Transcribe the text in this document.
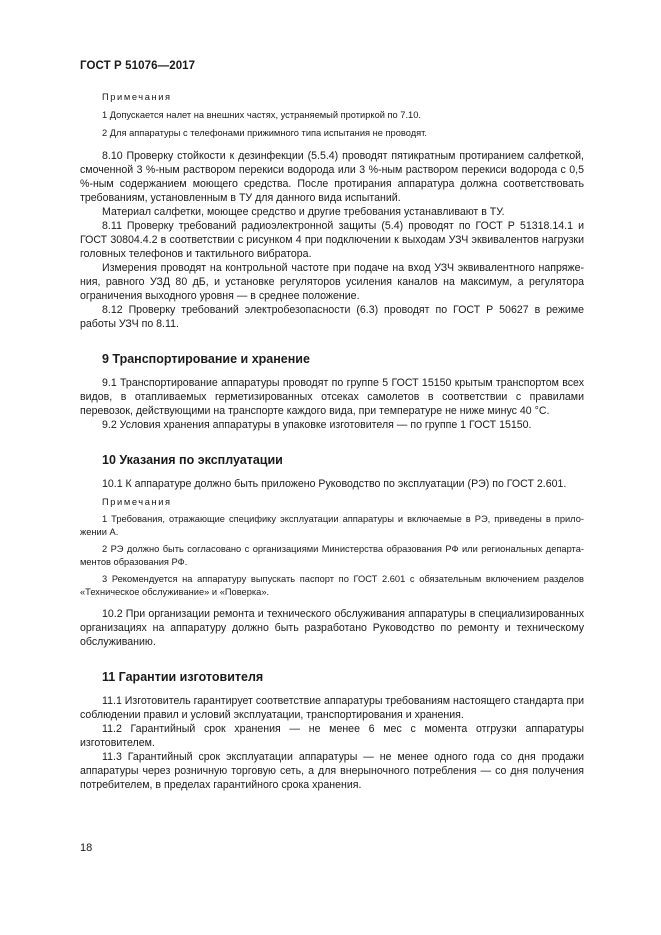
ГОСТ Р 51076—2017

Примечания

1 Допускается налет на внешних частях, устраняемый протиркой по 7.10.

2 Для аппаратуры с телефонами прижимного типа испытания не проводят.

8.10 Проверку стойкости к дезинфекции (5.5.4) проводят пятикратным протиранием салфеткой, смоченной 3 %-ным раствором перекиси водорода или 3 %-ным раствором перекиси водорода с 0,5 %-ным содержанием моющего средства. После протирания аппаратура должна соответствовать требованиям, установленным в ТУ для данного вида испытаний.

Материал салфетки, моющее средство и другие требования устанавливают в ТУ.

8.11 Проверку требований радиоэлектронной защиты (5.4) проводят по ГОСТ Р 51318.14.1 и ГОСТ 30804.4.2 в соответствии с рисунком 4 при подключении к выходам УЗЧ эквивалентов нагрузки головных телефонов и тактильного вибратора.

Измерения проводят на контрольной частоте при подаче на вход УЗЧ эквивалентного напряжения, равного УЗД 80 дБ, и установке регуляторов усиления каналов на максимум, а регулятора ограничения выходного уровня — в среднее положение.

8.12 Проверку требований электробезопасности (6.3) проводят по ГОСТ Р 50627 в режиме работы УЗЧ по 8.11.

9 Транспортирование и хранение

9.1 Транспортирование аппаратуры проводят по группе 5 ГОСТ 15150 крытым транспортом всех видов, в отапливаемых герметизированных отсеках самолетов в соответствии с правилами перевозок, действующими на транспорте каждого вида, при температуре не ниже минус 40 °С.

9.2 Условия хранения аппаратуры в упаковке изготовителя — по группе 1 ГОСТ 15150.

10 Указания по эксплуатации

10.1 К аппаратуре должно быть приложено Руководство по эксплуатации (РЭ) по ГОСТ 2.601.

Примечания

1 Требования, отражающие специфику эксплуатации аппаратуры и включаемые в РЭ, приведены в приложении А.

2 РЭ должно быть согласовано с организациями Министерства образования РФ или региональных департаментов образования РФ.

3 Рекомендуется на аппаратуру выпускать паспорт по ГОСТ 2.601 с обязательным включением разделов «Техническое обслуживание» и «Поверка».

10.2 При организации ремонта и технического обслуживания аппаратуры в специализированных организациях на аппаратуру должно быть разработано Руководство по ремонту и техническому обслуживанию.

11 Гарантии изготовителя

11.1 Изготовитель гарантирует соответствие аппаратуры требованиям настоящего стандарта при соблюдении правил и условий эксплуатации, транспортирования и хранения.

11.2 Гарантийный срок хранения — не менее 6 мес с момента отгрузки аппаратуры изготовителем.

11.3 Гарантийный срок эксплуатации аппаратуры — не менее одного года со дня продажи аппаратуры через розничную торговую сеть, а для внерыночного потребления — со дня получения потребителем, в пределах гарантийного срока хранения.

18
